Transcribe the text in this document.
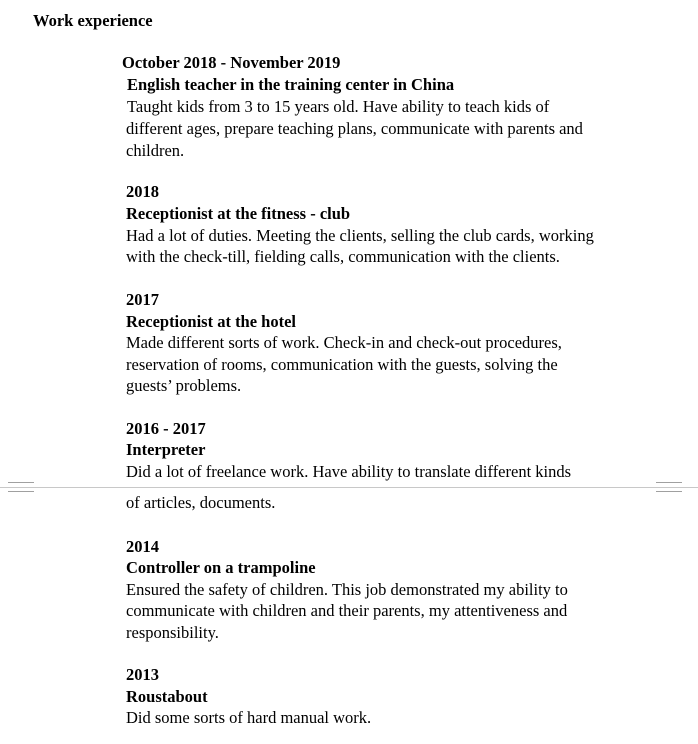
Work experience

October 2018 - November 2019

English teacher in the training center in China

Taught kids from 3 to 15 years old. Have ability to teach kids of

different ages, prepare teaching plans, communicate with parents and

children.

2018

Receptionist at the fitness - club

Had a lot of duties. Meeting the clients, selling the club cards, working

with the check-till, fielding calls, communication with the clients.

2017

Receptionist at the hotel

Made different sorts of work. Check-in and check-out procedures,

reservation of rooms, communication with the guests, solving the

guests’ problems.

2016 - 2017

Interpreter

Did a lot of freelance work. Have ability to translate different kinds

of articles, documents.

2014

Controller on a trampoline

Ensured the safety of children. This job demonstrated my ability to

communicate with children and their parents, my attentiveness and

responsibility.

2013

Roustabout

Did some sorts of hard manual work.
